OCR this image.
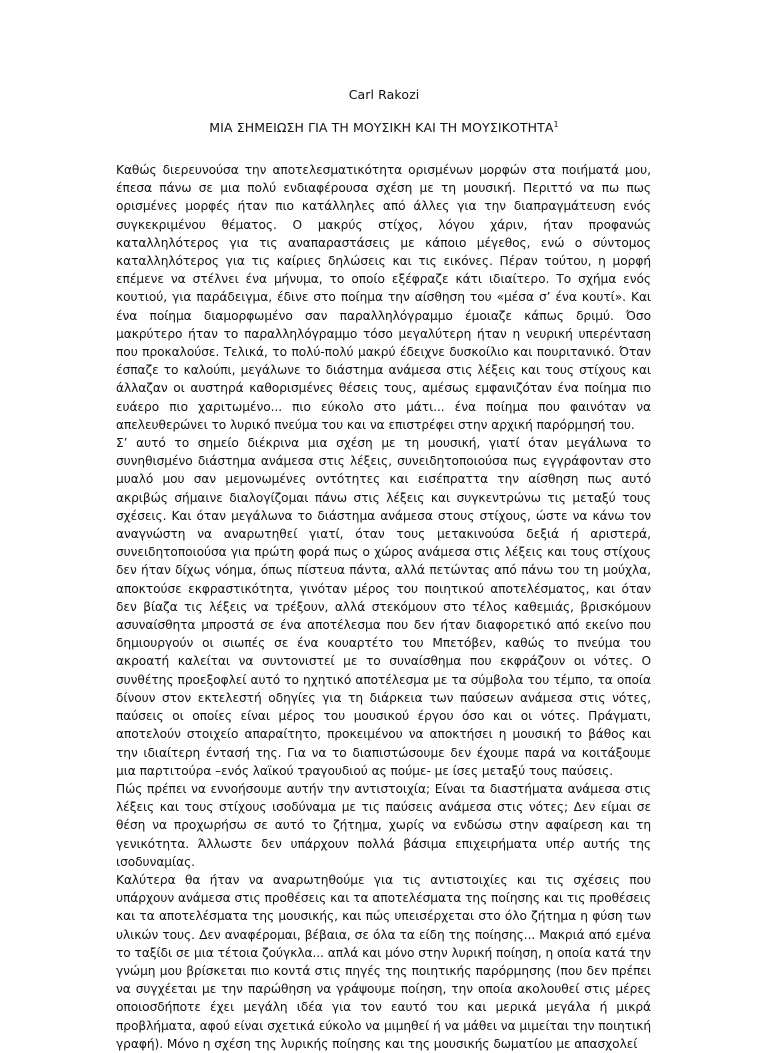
Carl Rakozi
ΜΙΑ ΣΗΜΕΙΩΣΗ ΓΙΑ ΤΗ ΜΟΥΣΙΚΗ ΚΑΙ ΤΗ ΜΟΥΣΙΚΟΤΗΤΑ$^1$

Καθώς διερευνούσα την αποτελεσματικότητα ορισμένων μορφών στα ποιήματά μου, έπεσα πάνω σε μια πολύ ενδιαφέρουσα σχέση με τη μουσική. Περιττό να πω πως ορισμένες μορφές ήταν πιο κατάλληλες από άλλες για την διαπραγμάτευση ενός συγκεκριμένου θέματος. Ο μακρύς στίχος, λόγου χάριν, ήταν προφανώς καταλληλότερος για τις αναπαραστάσεις με κάποιο μέγεθος, ενώ ο σύντομος καταλληλότερος για τις καίριες δηλώσεις και τις εικόνες. Πέραν τούτου, η μορφή επέμενε να στέλνει ένα μήνυμα, το οποίο εξέφραζε κάτι ιδιαίτερο. Το σχήμα ενός κουτιού, για παράδειγμα, έδινε στο ποίημα την αίσθηση του «μέσα σ’ ένα κουτί». Και ένα ποίημα διαμορφωμένο σαν παραλληλόγραμμο έμοιαζε κάπως δριμύ. Όσο μακρύτερο ήταν το παραλληλόγραμμο τόσο μεγαλύτερη ήταν η νευρική υπερένταση που προκαλούσε. Τελικά, το πολύ-πολύ μακρύ έδειχνε δυσκοίλιο και πουριτανικό. Όταν έσπαζε το καλούπι, μεγάλωνε το διάστημα ανάμεσα στις λέξεις και τους στίχους και άλλαζαν οι αυστηρά καθορισμένες θέσεις τους, αμέσως εμφανιζόταν ένα ποίημα πιο ευάερο πιο χαριτωμένο... πιο εύκολο στο μάτι... ένα ποίημα που φαινόταν να απελευθερώνει το λυρικό πνεύμα του και να επιστρέφει στην αρχική παρόρμησή του.

Σ’ αυτό το σημείο διέκρινα μια σχέση με τη μουσική, γιατί όταν μεγάλωνα το συνηθισμένο διάστημα ανάμεσα στις λέξεις, συνειδητοποιούσα πως εγγράφονταν στο μυαλό μου σαν μεμονωμένες οντότητες και εισέπραττα την αίσθηση πως αυτό ακριβώς σήμαινε διαλογίζομαι πάνω στις λέξεις και συγκεντρώνω τις μεταξύ τους σχέσεις. Και όταν μεγάλωνα το διάστημα ανάμεσα στους στίχους, ώστε να κάνω τον αναγνώστη να αναρωτηθεί γιατί, όταν τους μετακινούσα δεξιά ή αριστερά, συνειδητοποιούσα για πρώτη φορά πως ο χώρος ανάμεσα στις λέξεις και τους στίχους δεν ήταν δίχως νόημα, όπως πίστευα πάντα, αλλά πετώντας από πάνω του τη μούχλα, αποκτούσε εκφραστικότητα, γινόταν μέρος του ποιητικού αποτελέσματος, και όταν δεν βίαζα τις λέξεις να τρέξουν, αλλά στεκόμουν στο τέλος καθεμιάς, βρισκόμουν ασυναίσθητα μπροστά σε ένα αποτέλεσμα που δεν ήταν διαφορετικό από εκείνο που δημιουργούν οι σιωπές σε ένα κουαρτέτο του Μπετόβεν, καθώς το πνεύμα του ακροατή καλείται να συντονιστεί με το συναίσθημα που εκφράζουν οι νότες. Ο συνθέτης προεξοφλεί αυτό το ηχητικό αποτέλεσμα με τα σύμβολα του τέμπο, τα οποία δίνουν στον εκτελεστή οδηγίες για τη διάρκεια των παύσεων ανάμεσα στις νότες, παύσεις οι οποίες είναι μέρος του μουσικού έργου όσο και οι νότες. Πράγματι, αποτελούν στοιχείο απαραίτητο, προκειμένου να αποκτήσει η μουσική το βάθος και την ιδιαίτερη έντασή της. Για να το διαπιστώσουμε δεν έχουμε παρά να κοιτάξουμε μια παρτιτούρα –ενός λαϊκού τραγουδιού ας πούμε- με ίσες μεταξύ τους παύσεις.

Πώς πρέπει να εννοήσουμε αυτήν την αντιστοιχία; Είναι τα διαστήματα ανάμεσα στις λέξεις και τους στίχους ισοδύναμα με τις παύσεις ανάμεσα στις νότες; Δεν είμαι σε θέση να προχωρήσω σε αυτό το ζήτημα, χωρίς να ενδώσω στην αφαίρεση και τη γενικότητα. Άλλωστε δεν υπάρχουν πολλά βάσιμα επιχειρήματα υπέρ αυτής της ισοδυναμίας.

Καλύτερα θα ήταν να αναρωτηθούμε για τις αντιστοιχίες και τις σχέσεις που υπάρχουν ανάμεσα στις προθέσεις και τα αποτελέσματα της ποίησης και τις προθέσεις και τα αποτελέσματα της μουσικής, και πώς υπεισέρχεται στο όλο ζήτημα η φύση των υλικών τους. Δεν αναφέρομαι, βέβαια, σε όλα τα είδη της ποίησης... Μακριά από εμένα το ταξίδι σε μια τέτοια ζούγκλα... απλά και μόνο στην λυρική ποίηση, η οποία κατά την γνώμη μου βρίσκεται πιο κοντά στις πηγές της ποιητικής παρόρμησης (που δεν πρέπει να συγχέεται με την παρώθηση να γράψουμε ποίηση, την οποία ακολουθεί στις μέρες οποιοσδήποτε έχει μεγάλη ιδέα για τον εαυτό του και μερικά μεγάλα ή μικρά προβλήματα, αφού είναι σχετικά εύκολο να μιμηθεί ή να μάθει να μιμείται την ποιητική γραφή). Μόνο η σχέση της λυρικής ποίησης και της μουσικής δωματίου με απασχολεί
